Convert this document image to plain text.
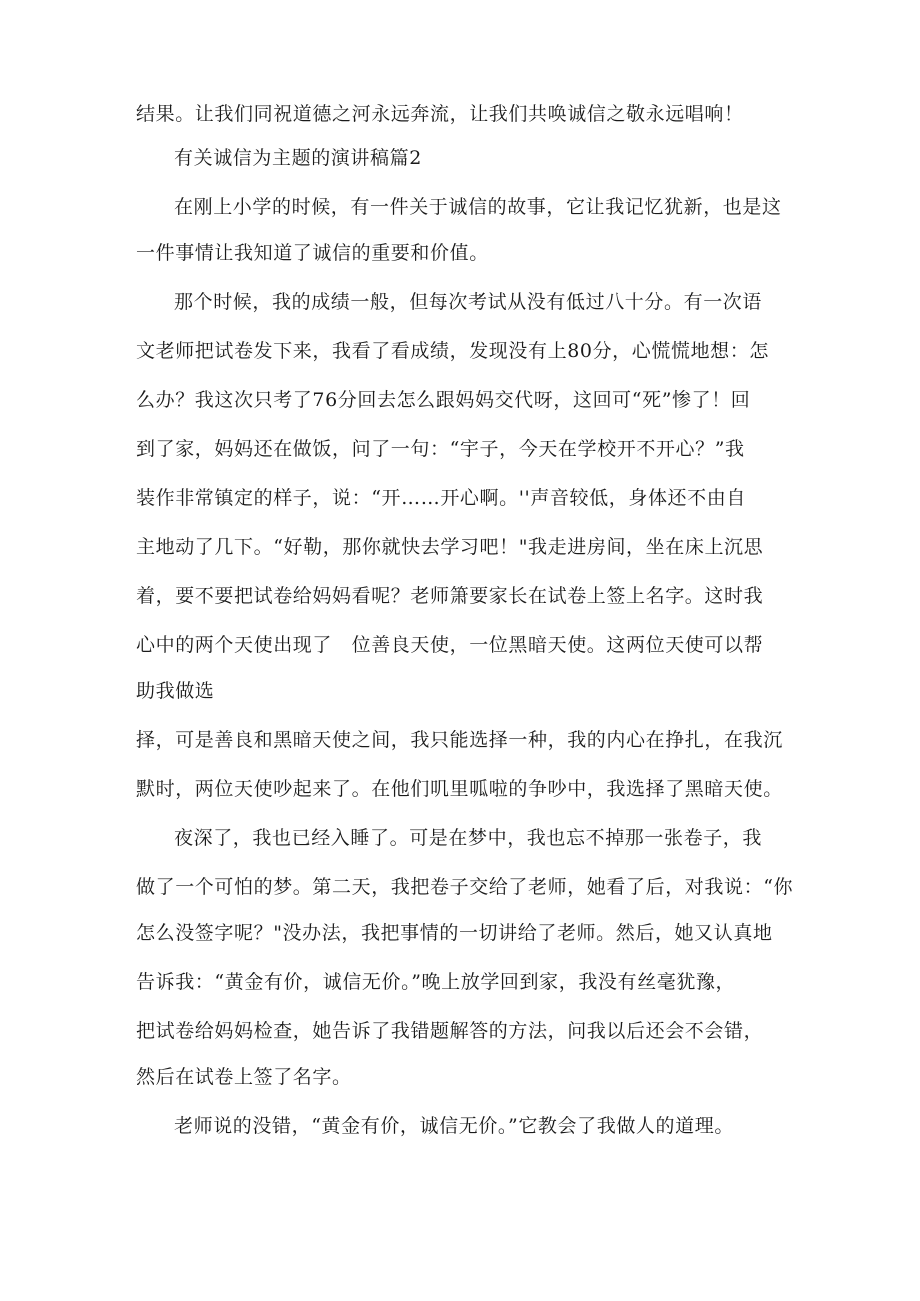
结果。让我们同祝道德之河永远奔流，让我们共唤诚信之敬永远唱响！
有关诚信为主题的演讲稿篇2
在刚上小学的时候，有一件关于诚信的故事，它让我记忆犹新，也是这
一件事情让我知道了诚信的重要和价值。
那个时候，我的成绩一般，但每次考试从没有低过八十分。有一次语
文老师把试卷发下来，我看了看成绩，发现没有上80分，心慌慌地想：怎
么办？我这次只考了76分回去怎么跟妈妈交代呀，这回可“死”惨了！回
到了家，妈妈还在做饭，问了一句：“宇子，今天在学校开不开心？”我
装作非常镇定的样子，说：“开……开心啊。''声音较低，身体还不由自
主地动了几下。“好勒，那你就快去学习吧！"我走进房间，坐在床上沉思
着，要不要把试卷给妈妈看呢？老师箫要家长在试卷上签上名字。这时我
心中的两个天使出现了　位善良天使，一位黑暗天使。这两位天使可以帮
助我做选
择，可是善良和黑暗天使之间，我只能选择一种，我的内心在挣扎，在我沉
默时，两位天使吵起来了。在他们叽里呱啦的争吵中，我选择了黑暗天使。
夜深了，我也已经入睡了。可是在梦中，我也忘不掉那一张卷子，我
做了一个可怕的梦。第二天，我把卷子交给了老师，她看了后，对我说：“你
怎么没签字呢？"没办法，我把事情的一切讲给了老师。然后，她又认真地
告诉我：“黄金有价，诚信无价。”晚上放学回到家，我没有丝毫犹豫，
把试卷给妈妈检查，她告诉了我错题解答的方法，问我以后还会不会错，
然后在试卷上签了名字。
老师说的没错，“黄金有价，诚信无价。”它教会了我做人的道理。
